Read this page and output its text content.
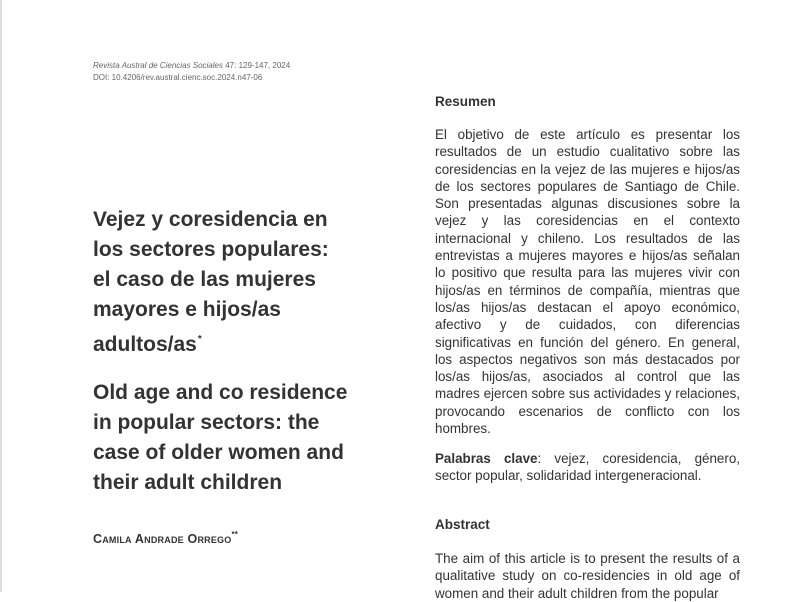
Revista Austral de Ciencias Sociales 47: 129-147, 2024
DOI: 10.4206/rev.austral.cienc.soc.2024.n47-06
Vejez y coresidencia en
los sectores populares:
el caso de las mujeres
mayores e hijos/as
adultos/as*
Old age and co residence
in popular sectors: the
case of older women and
their adult children
Camila Andrade Orrego**
Resumen

El objetivo de este artículo es presentar los resultados de un estudio cualitativo sobre las coresidencias en la vejez de las mujeres e hijos/as de los sectores populares de Santiago de Chile. Son presentadas algunas discusiones sobre la vejez y las coresidencias en el contexto internacional y chileno. Los resultados de las entrevistas a mujeres mayores e hijos/as señalan lo positivo que resulta para las mujeres vivir con hijos/as en términos de compañía, mientras que los/as hijos/as destacan el apoyo económico, afectivo y de cuidados, con diferencias significativas en función del género. En general, los aspectos negativos son más destacados por los/as hijos/as, asociados al control que las madres ejercen sobre sus actividades y relaciones, provocando escenarios de conflicto con los hombres.

Palabras clave: vejez, coresidencia, género, sector popular, solidaridad intergeneracional.

Abstract

The aim of this article is to present the results of a qualitative study on co-residencies in old age of women and their adult children from the popular
